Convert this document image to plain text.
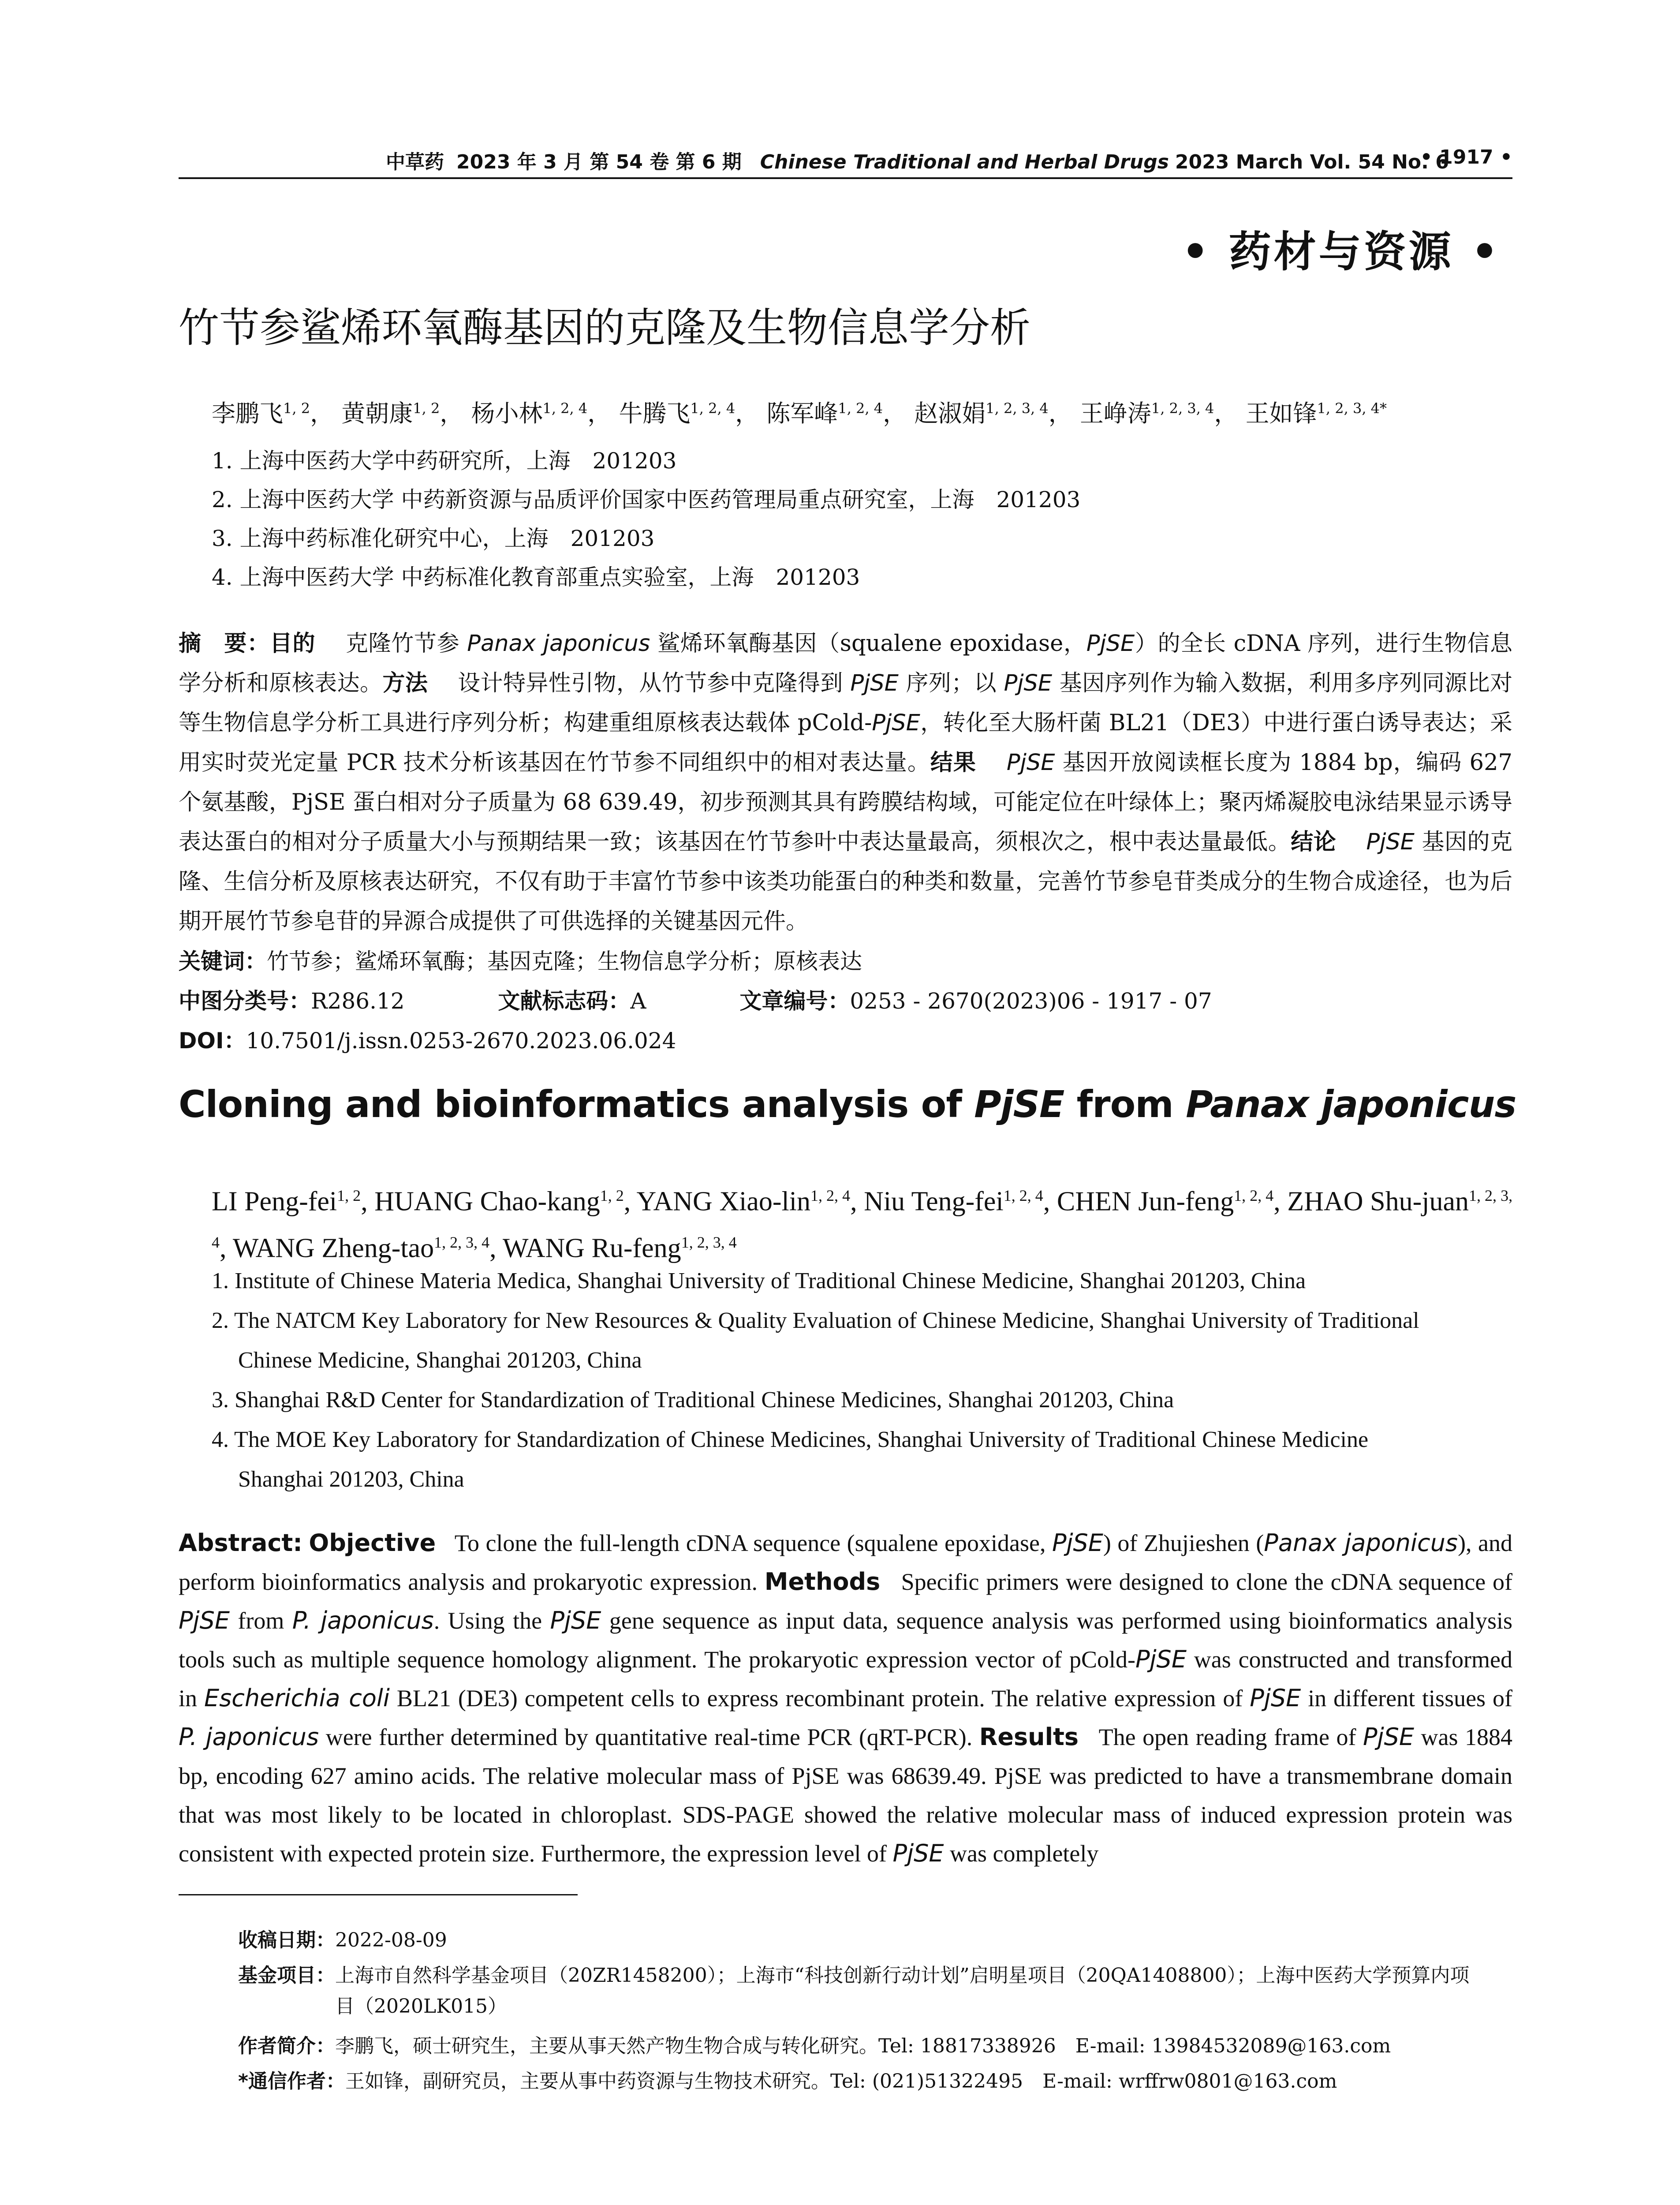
中草药 2023 年 3 月 第 54 卷 第 6 期 Chinese Traditional and Herbal Drugs 2023 March Vol. 54 No. 6
• 1917 •
• 药材与资源 •
竹节参鲨烯环氧酶基因的克隆及生物信息学分析
李鹏飞$^{1, 2}$， 黄朝康$^{1, 2}$， 杨小林$^{1, 2, 4}$， 牛腾飞$^{1, 2, 4}$， 陈军峰$^{1, 2, 4}$， 赵淑娟$^{1, 2, 3, 4}$， 王峥涛$^{1, 2, 3, 4}$， 王如锋$^{1, 2, 3, 4*}$
1. 上海中医药大学中药研究所，上海　201203
2. 上海中医药大学 中药新资源与品质评价国家中医药管理局重点研究室，上海　201203
3. 上海中药标准化研究中心，上海　201203
4. 上海中医药大学 中药标准化教育部重点实验室，上海　201203
摘　要：目的　 克隆竹节参 Panax japonicus 鲨烯环氧酶基因（squalene epoxidase，PjSE）的全长 cDNA 序列，进行生物信息学分析和原核表达。方法　 设计特异性引物，从竹节参中克隆得到 PjSE 序列；以 PjSE 基因序列作为输入数据，利用多序列同源比对等生物信息学分析工具进行序列分析；构建重组原核表达载体 pCold-PjSE，转化至大肠杆菌 BL21（DE3）中进行蛋白诱导表达；采用实时荧光定量 PCR 技术分析该基因在竹节参不同组织中的相对表达量。结果　 PjSE 基因开放阅读框长度为 1884 bp，编码 627 个氨基酸，PjSE 蛋白相对分子质量为 68 639.49，初步预测其具有跨膜结构域，可能定位在叶绿体上；聚丙烯凝胶电泳结果显示诱导表达蛋白的相对分子质量大小与预期结果一致；该基因在竹节参叶中表达量最高，须根次之，根中表达量最低。结论　 PjSE 基因的克隆、生信分析及原核表达研究，不仅有助于丰富竹节参中该类功能蛋白的种类和数量，完善竹节参皂苷类成分的生物合成途径，也为后期开展竹节参皂苷的异源合成提供了可供选择的关键基因元件。
关键词：竹节参；鲨烯环氧酶；基因克隆；生物信息学分析；原核表达
中图分类号：R286.12	文献标志码：A	文章编号：0253 - 2670(2023)06 - 1917 - 07
DOI：10.7501/j.issn.0253-2670.2023.06.024
Cloning and bioinformatics analysis of PjSE from Panax japonicus
LI Peng-fei$^{1, 2}$, HUANG Chao-kang$^{1, 2}$, YANG Xiao-lin$^{1, 2, 4}$, Niu Teng-fei$^{1, 2, 4}$, CHEN Jun-feng$^{1, 2, 4}$, ZHAO Shu-juan$^{1, 2, 3, 4}$, WANG Zheng-tao$^{1, 2, 3, 4}$, WANG Ru-feng$^{1, 2, 3, 4}$
1. Institute of Chinese Materia Medica, Shanghai University of Traditional Chinese Medicine, Shanghai 201203, China
2. The NATCM Key Laboratory for New Resources & Quality Evaluation of Chinese Medicine, Shanghai University of Traditional
Chinese Medicine, Shanghai 201203, China
3. Shanghai R&D Center for Standardization of Traditional Chinese Medicines, Shanghai 201203, China
4. The MOE Key Laboratory for Standardization of Chinese Medicines, Shanghai University of Traditional Chinese Medicine
Shanghai 201203, China
Abstract: Objective To clone the full-length cDNA sequence (squalene epoxidase, PjSE) of Zhujieshen (Panax japonicus), and perform bioinformatics analysis and prokaryotic expression. Methods Specific primers were designed to clone the cDNA sequence of PjSE from P. japonicus. Using the PjSE gene sequence as input data, sequence analysis was performed using bioinformatics analysis tools such as multiple sequence homology alignment. The prokaryotic expression vector of pCold-PjSE was constructed and transformed in Escherichia coli BL21 (DE3) competent cells to express recombinant protein. The relative expression of PjSE in different tissues of P. japonicus were further determined by quantitative real-time PCR (qRT-PCR). Results The open reading frame of PjSE was 1884 bp, encoding 627 amino acids. The relative molecular mass of PjSE was 68639.49. PjSE was predicted to have a transmembrane domain that was most likely to be located in chloroplast. SDS-PAGE showed the relative molecular mass of induced expression protein was consistent with expected protein size. Furthermore, the expression level of PjSE was completely
收稿日期：2022-08-09
基金项目：上海市自然科学基金项目（20ZR1458200）；上海市“科技创新行动计划”启明星项目（20QA1408800）；上海中医药大学预算内项
目（2020LK015）
作者简介：李鹏飞，硕士研究生，主要从事天然产物生物合成与转化研究。Tel: 18817338926　E-mail: 13984532089@163.com
*通信作者：王如锋，副研究员，主要从事中药资源与生物技术研究。Tel: (021)51322495　E-mail: wrffrw0801@163.com
